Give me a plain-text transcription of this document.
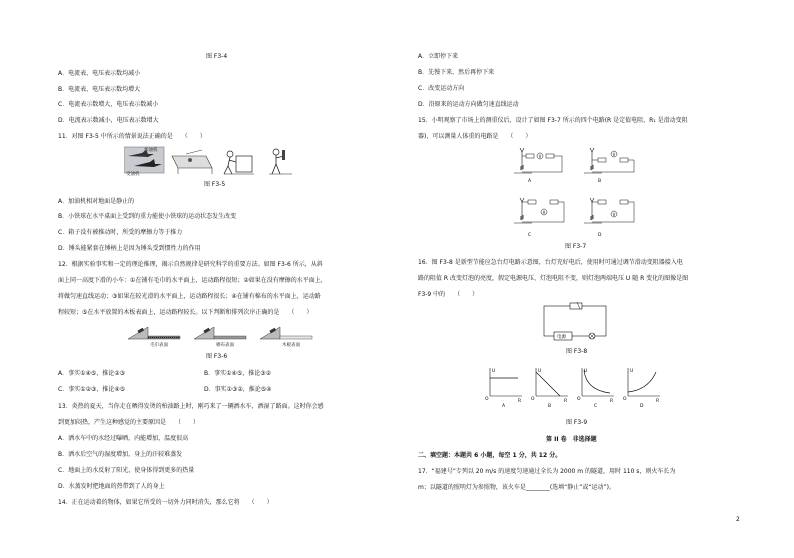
图 F3-4
A．电流表、电压表示数均减小
B．电流表、电压表示数均增大
C．电流表示数增大，电压表示数减小
D．电流表示数减小，电压表示数增大
11．对图 F3-5 中所示的情景说法正确的是　　（　　）
加油机
受油机
图 F3-5
A．加油机相对地面是静止的
B．小铁球在水平桌面上受到的重力能使小铁球的运动状态发生改变
C．箱子没有被推动时，所受的摩擦力等于推力
D．锤头能紧套在锤柄上是因为锤头受到惯性力的作用
12．根据实验事实和一定的理论推理，揭示自然规律是研究科学的重要方法。如图 F3-6 所示，从斜
面上同一高度下滑的小车：①在铺有毛巾的水平面上，运动路程很短；②如果在没有摩擦的水平面上，
将做匀速直线运动；③如果在较光滑的水平面上，运动路程很长；④在铺有棉布的水平面上，运动路
程较短；⑤在水平放置的木板表面上，运动路程较长。以下判断和排列次序正确的是　　（　　）
毛巾表面	棉布表面	木板表面
图 F3-6
A．事实①④⑤，推论②③	B．事实①④⑤，推论③②
C．事实①②③，推论④⑤	D．事实①③②，推论⑤④
13．炎热的夏天，当你走在晒得发烫的柏油路上时，刚巧来了一辆洒水车，洒湿了路面。这时你会感
到更加闷热，产生这种感觉的主要原因是　　（　　）
A．洒水车中的水经过曝晒，内能增加，温度很高
B．洒水后空气的湿度增加，身上的汗较难蒸发
C．地面上的水反射了阳光，使身体得到更多的热量
D．水蒸发时把地面的热带到了人的身上
14．正在运动着的物体，如果它所受的一切外力同时消失，那么它将　　（　　）
A．立即停下来
B．先慢下来，然后再停下来
C．改变运动方向
D．沿原来的运动方向做匀速直线运动
15．小明观察了市场上的测重仪后，设计了如图 F3-7 所示的四个电路(R 是定值电阻，R₁ 是滑动变阻
器)，可以测量人体重的电路是　　（　　）
V
A
V
B
A
C
V
D
图 F3-7
16．图 F3-8 是新型节能应急台灯电路示意图，台灯充好电后，使用时可通过调节滑动变阻器接入电
路的阻值 R 改变灯泡的亮度，假定电源电压、灯泡电阻不变，则灯泡两端电压 U 随 R 变化的图像是图
F3-9 中的　　（　　）
电源
图 F3-8
U
O	R
A
U
O	R
B
U
O	R
C
U
O	R
D
图 F3-9
第 II 卷　非选择题
二、填空题：本题共 6 小题，每空 1 分，共 12 分。
17．“福建号”专列以 20 m/s 的速度匀速通过全长为 2000 m 的隧道，用时 110 s，则火车长为
m；以隧道的照明灯为参照物，该火车是________(选填“静止”或“运动”)。
2
